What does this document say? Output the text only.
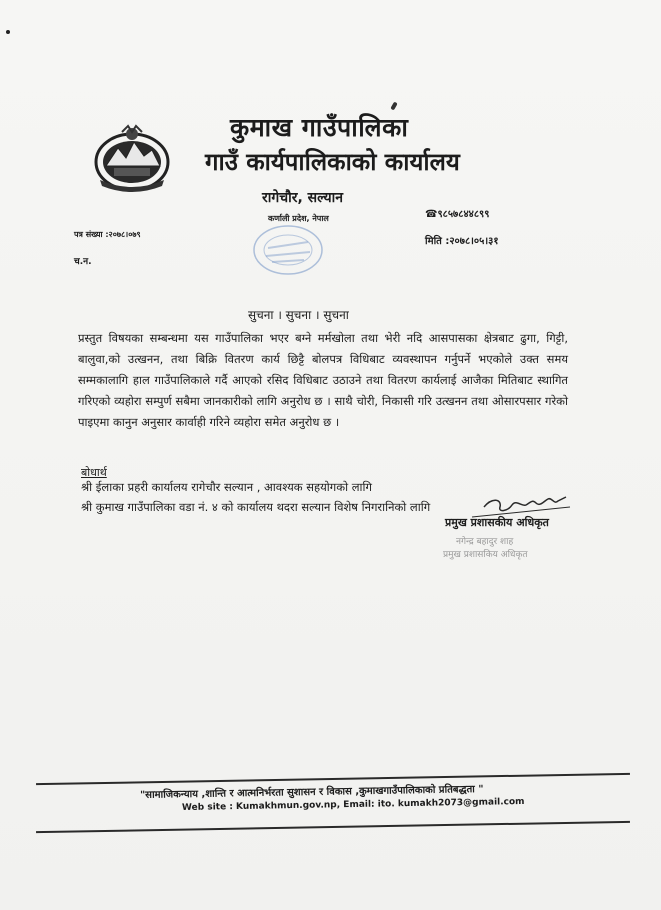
कुमाख गाउँपालिका
गाउँ कार्यपालिकाको कार्यालय
रागेचौर, सल्यान
कर्णाली प्रदेश, नेपाल	☎९८५७८४४८९९
मिति :२०७८।०५।३१
पत्र संख्या :२०७८।०७९
च.न.
सुचना । सुचना । सुचना
प्रस्तुत विषयका सम्बन्धमा यस गाउँपालिका भएर बग्ने मर्मखोला तथा भेरी नदि आसपासका क्षेत्रबाट ढुगा, गिट्टी, बालुवा,को उत्खनन, तथा बिक्रि वितरण कार्य छिट्टै बोलपत्र विधिबाट व्यवस्थापन गर्नुपर्ने भएकोले उक्त समय सम्मकालागि हाल गाउँपालिकाले गर्दै आएको रसिद विधिबाट उठाउने तथा वितरण कार्यलाई आजैका मितिबाट स्थागित गरिएको व्यहोरा सम्पुर्ण सबैमा जानकारीको लागि अनुरोध छ । साथै चोरी, निकासी गरि उत्खनन तथा ओसारपसार गरेको पाइएमा कानुन अनुसार कार्वाही गरिने व्यहोरा समेत अनुरोध छ ।
बोधार्थ
श्री ईलाका प्रहरी कार्यालय रागेचौर सल्यान , आवश्यक सहयोगको लागि
श्री कुमाख गाउँपालिका वडा नं. ४ को कार्यालय थदरा सल्यान विशेष निगरानिको लागि
प्रमुख प्रशासकीय अधिकृत
नगेन्द्र बहादुर शाह
प्रमुख प्रशासकिय अधिकृत
"सामाजिकन्याय ,शान्ति र आत्मनिर्भरता सुशासन र विकास ,कुमाखगाउँपालिकाको प्रतिबद्धता "
Web site : Kumakhmun.gov.np, Email: ito. kumakh2073@gmail.com
